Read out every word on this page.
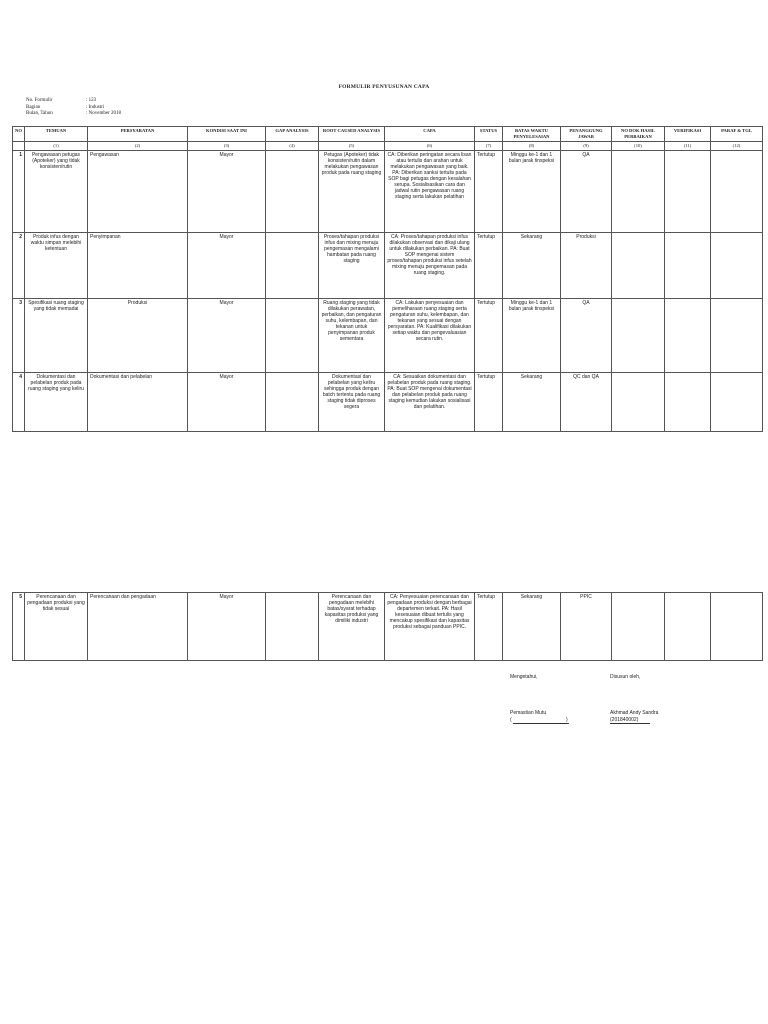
FORMULIR PENYUSUNAN CAPA
No. Formulir	: 123
Bagian	: Industri
Bulan, Tahun	: November 2018
NO	TEMUAN	PERSYARATAN	KONDISI SAAT INI	GAP ANALYSIS	ROOT CAUSED ANALYSIS	CAPA	STATUS	BATAS WAKTU PENYELESAIAN	PENANGGUNG JAWAB	NO DOK HASIL PERBAIKAN	VERIFIKASI	PARAF & TGL
	(1)	(2)	(3)	(4)	(5)	(6)	(7)	(8)	(9)	(10)	(11)	(12)
1	Pengawasan petugas (Apoteker) yang tidak konsisten/rutin	Pengawasan	Mayor		Petugas (Apoteker) tidak konsisten/rutin dalam melakukan pengawasan produk pada ruang staging	CA: Diberikan peringatan secara lisan atau tertulis dan arahan untuk melakukan pengawasan yang baik. PA: Diberikan sanksi tertulis pada SOP bagi petugas dengan kesalahan serupa. Sosialisasikan cara dan jadwal rutin pengawasan ruang staging serta lakukan pelatihan	Tertutup	Minggu ke-1 dan 1 bulan jarak tinspeksi	QA			
2	Produk infus dengan waktu simpan melebihi ketentuan	Penyimpanan	Mayor		Proses/tahapan produksi infus dan mixing menuju pengemasan mengalami hambatan pada ruang staging	CA: Proses/tahapan produksi infus dilakukan observasi dan dikaji ulang untuk dilakukan perbaikan. PA: Buat SOP mengenai sistem proses/tahapan produksi infus setelah mixing menuju pengemasan pada ruang staging.	Tertutup	Sekarang	Produksi			
3	Spesifikasi ruang staging yang tidak memadai	Produksi	Mayor		Ruang staging yang tidak dilakukan perawatan, perbaikan, dan pengaturan suhu, kelembapan, dan tekanan untuk penyimpanan produk sementara	CA: Lakukan penyesuaian dan pemeliharaan ruang staging serta pengaturan suhu, kelembapan, dan tekanan yang sesuai dengan persyaratan. PA: Kualifikasi dilakukan setiap waktu dan pengevaluasian secara rutin.	Tertutup	Minggu ke-1 dan 1 bulan jarak tinspeksi	QA			
4	Dokumentasi dan pelabelan produk pada ruang staging yang keliru	Dokumentasi dan pelabelan	Mayor		Dokumentasi dan pelabelan yang keliru sehingga produk dengan batch tertentu pada ruang staging tidak diproses segera	CA: Sesuaikan dokumentasi dan pelabelan produk pada ruang staging. PA: Buat SOP mengenai dokumentasi dan pelabelan produk pada ruang staging kemudian lakukan sosialisasi dan pelatihan.	Tertutup	Sekarang	QC dan QA			
5	Perencanaan dan pengadaan produksi yang tidak sesuai	Perencanaan dan pengadaan	Mayor		Perencanaan dan pengadaan melebihi batas/syarat terhadap kapasitas produksi yang dimiliki industri	CA: Penyesuaian perencanaan dan pengadaan produksi dengan berbagai departemen terkait. PA: Hasil kesesuaian dibuat tertulis yang mencakup spesifikasi dan kapasitas produksi sebagai panduan PPIC.	Tertutup	Sekarang	PPIC			
Mengetahui,	Disusun oleh,
Pemastian Mutu
(	)
Akhmad Andy Sandra
(201840002)
